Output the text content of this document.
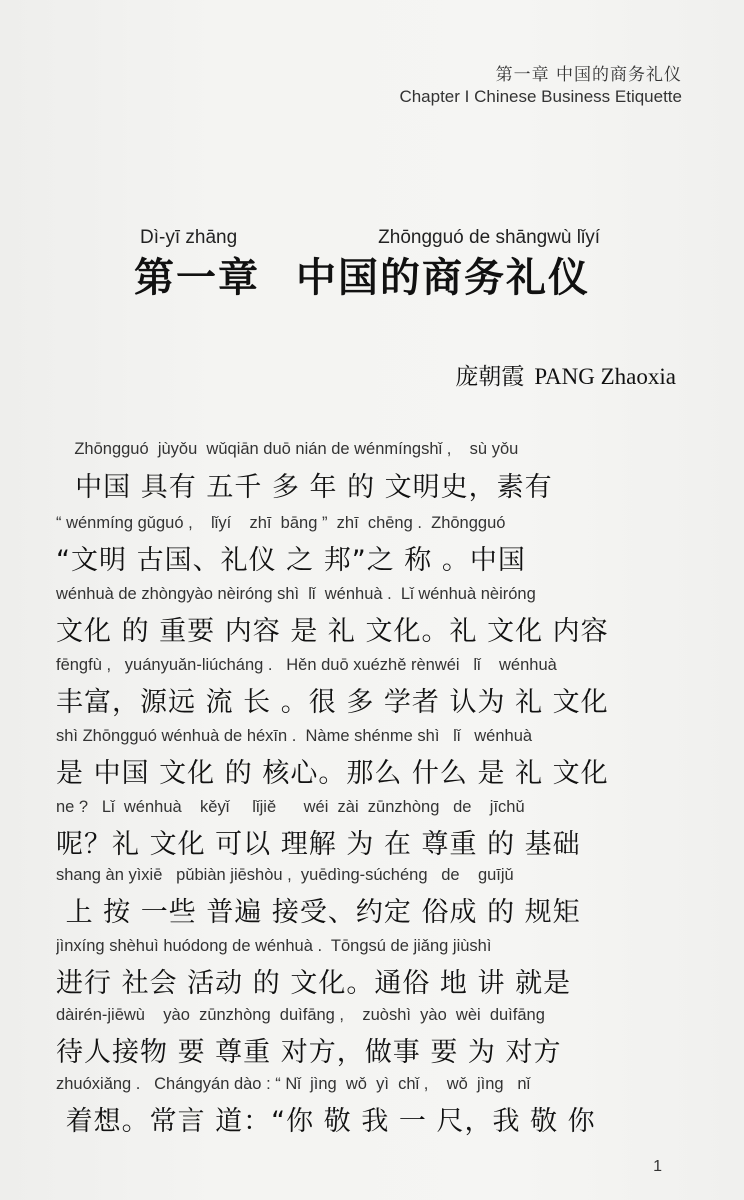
第一章 中国的商务礼仪
Chapter I Chinese Business Etiquette
Dì-yī zhāng	Zhōngguó de shāngwù lǐyí
第一章 中国的商务礼仪
庞朝霞 PANG Zhaoxia
Zhōngguó  jùyǒu  wǔqiān duō nián de wénmíngshǐ ,    sù yǒu
中国 具有 五千 多 年 的 文明史，素有
“ wénmíng gǔguó ,    lǐyí    zhī  bāng ”  zhī  chēng .  Zhōngguó
“文明 古国、礼仪 之 邦”之 称 。中国
wénhuà de zhòngyào nèiróng shì  lǐ  wénhuà .  Lǐ wénhuà nèiróng
文化 的 重要 内容 是 礼 文化。礼 文化 内容
fēngfù ,   yuányuǎn-liúcháng .   Hěn duō xuézhě rènwéi   lǐ    wénhuà
丰富，源远 流 长 。很 多 学者 认为 礼 文化
shì Zhōngguó wénhuà de héxīn .  Nàme shénme shì   lǐ   wénhuà
是 中国 文化 的 核心。那么 什么 是 礼 文化
ne ?   Lǐ  wénhuà    kěyǐ     lǐjiě      wéi  zài  zūnzhòng   de    jīchǔ
呢？礼 文化 可以 理解 为 在 尊重 的 基础
shang àn yìxiē   pǔbiàn jiēshòu ,  yuēdìng-súchéng   de    guījǔ
上 按 一些 普遍 接受、约定 俗成 的 规矩
jìnxíng shèhuì huódong de wénhuà .  Tōngsú de jiǎng jiùshì
进行 社会 活动 的 文化。通俗 地 讲 就是
dàirén-jiēwù    yào  zūnzhòng  duìfāng ,    zuòshì  yào  wèi  duìfāng
待人接物 要 尊重 对方，做事 要 为 对方
zhuóxiǎng .   Chángyán dào : “ Nǐ  jìng  wǒ  yì  chǐ ,    wǒ  jìng   nǐ
着想。常言 道：“你 敬 我 一 尺，我 敬 你
1
